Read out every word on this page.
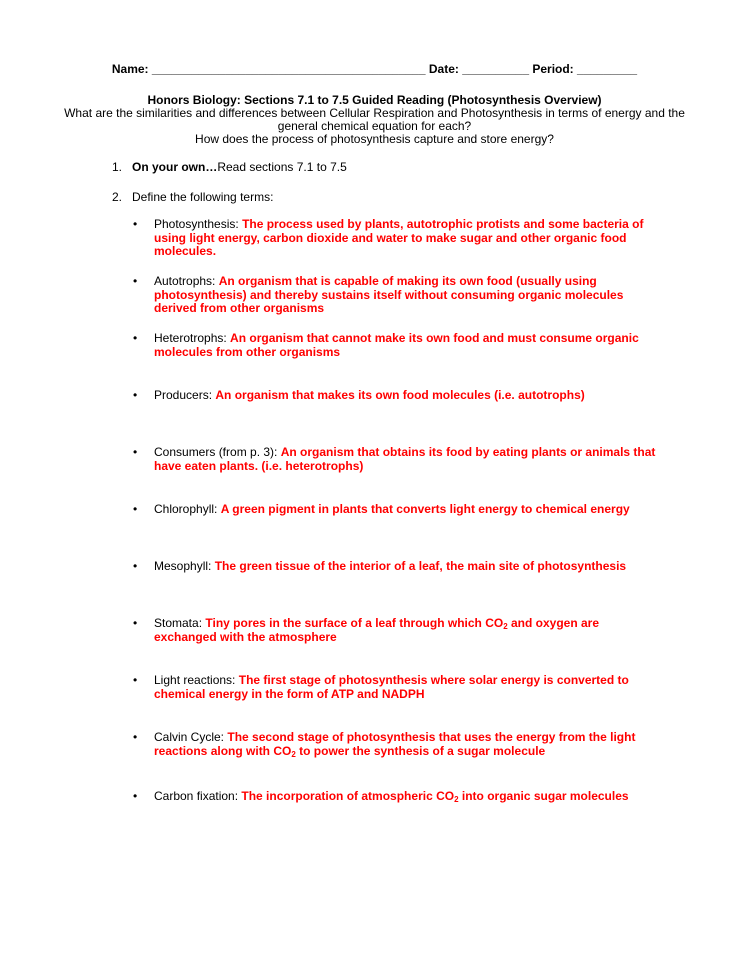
Name: _________________________________________ Date: __________ Period: _________
Honors Biology: Sections 7.1 to 7.5 Guided Reading (Photosynthesis Overview)
What are the similarities and differences between Cellular Respiration and Photosynthesis in terms of energy and the
general chemical equation for each?
How does the process of photosynthesis capture and store energy?
1. On your own…Read sections 7.1 to 7.5
2. Define the following terms:
• Photosynthesis: The process used by plants, autotrophic protists and some bacteria of using light energy, carbon dioxide and water to make sugar and other organic food molecules.
• Autotrophs: An organism that is capable of making its own food (usually using photosynthesis) and thereby sustains itself without consuming organic molecules derived from other organisms
• Heterotrophs: An organism that cannot make its own food and must consume organic molecules from other organisms
• Producers: An organism that makes its own food molecules (i.e. autotrophs)
• Consumers (from p. 3): An organism that obtains its food by eating plants or animals that have eaten plants. (i.e. heterotrophs)
• Chlorophyll: A green pigment in plants that converts light energy to chemical energy
• Mesophyll: The green tissue of the interior of a leaf, the main site of photosynthesis
• Stomata: Tiny pores in the surface of a leaf through which $CO_2$ and oxygen are exchanged with the atmosphere
• Light reactions: The first stage of photosynthesis where solar energy is converted to chemical energy in the form of ATP and NADPH
• Calvin Cycle: The second stage of photosynthesis that uses the energy from the light reactions along with $CO_2$ to power the synthesis of a sugar molecule
• Carbon fixation: The incorporation of atmospheric $CO_2$ into organic sugar molecules
